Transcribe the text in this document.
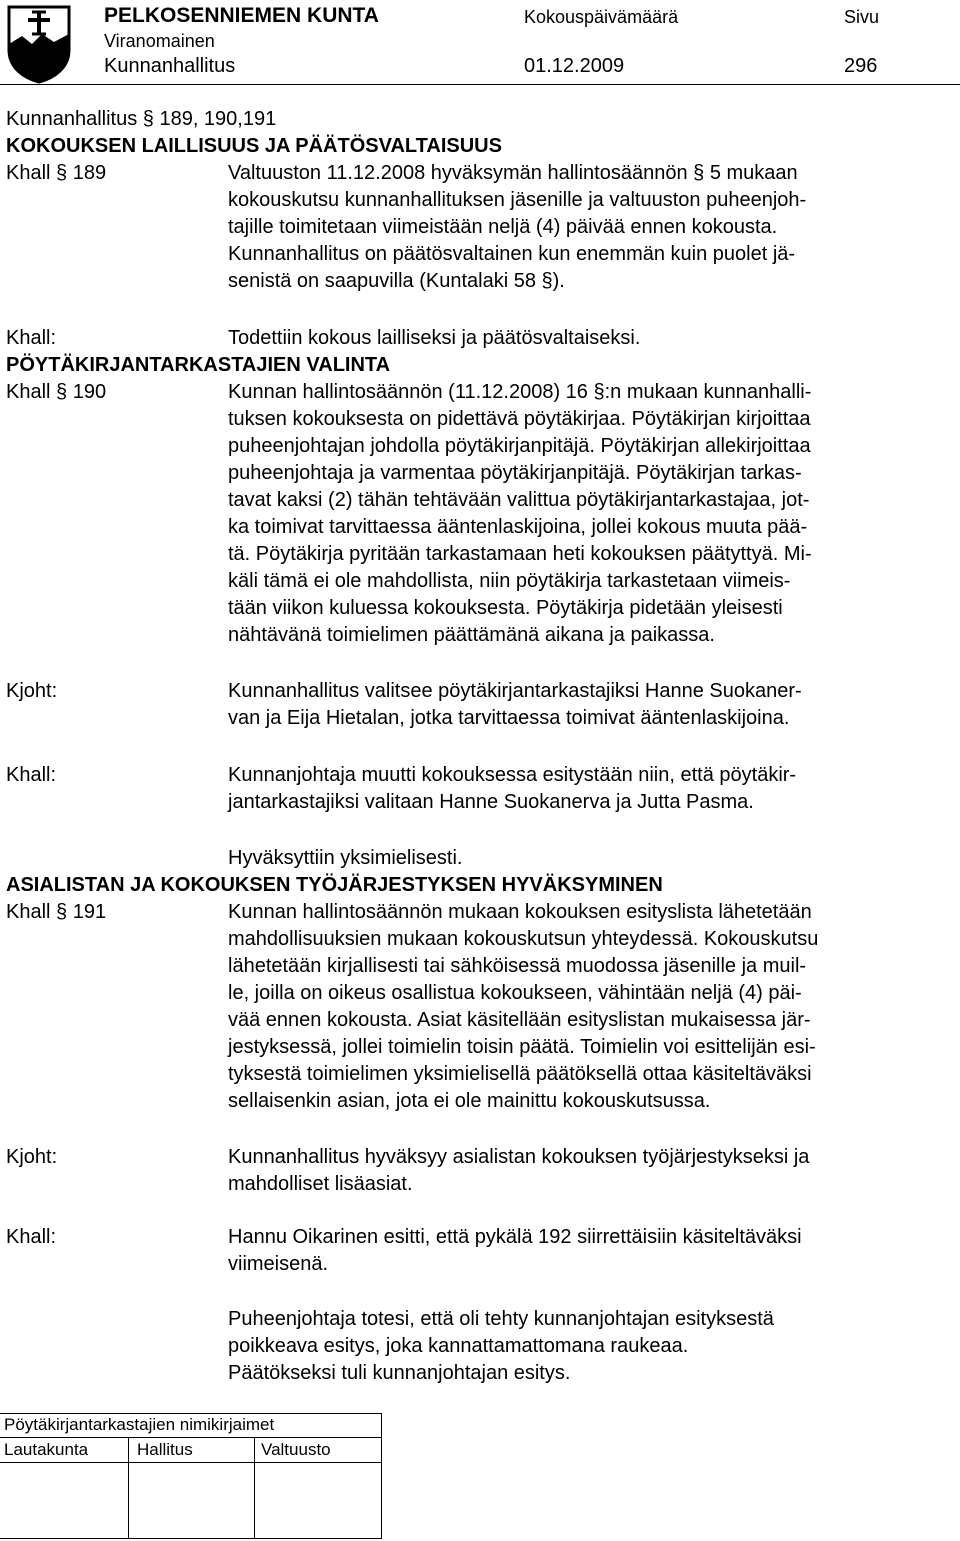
PELKOSENNIEMEN KUNTA
Viranomainen
Kunnanhallitus
Kokouspäivämäärä
01.12.2009
Sivu
296
Kunnanhallitus § 189, 190,191
KOKOUKSEN LAILLISUUS JA PÄÄTÖSVALTAISUUS
Khall § 189	Valtuuston 11.12.2008 hyväksymän hallintosäännön § 5 mukaan
kokouskutsu kunnanhallituksen jäsenille ja valtuuston puheenjoh-
tajille toimitetaan viimeistään neljä (4) päivää ennen kokousta.
Kunnanhallitus on päätösvaltainen kun enemmän kuin puolet jä-
senistä on saapuvilla (Kuntalaki 58 §).
Khall:	Todettiin kokous lailliseksi ja päätösvaltaiseksi.
PÖYTÄKIRJANTARKASTAJIEN VALINTA
Khall § 190	Kunnan hallintosäännön (11.12.2008) 16 §:n mukaan kunnanhalli-
tuksen kokouksesta on pidettävä pöytäkirjaa. Pöytäkirjan kirjoittaa
puheenjohtajan johdolla pöytäkirjanpitäjä. Pöytäkirjan allekirjoittaa
puheenjohtaja ja varmentaa pöytäkirjanpitäjä. Pöytäkirjan tarkas-
tavat kaksi (2) tähän tehtävään valittua pöytäkirjantarkastajaa, jot-
ka toimivat tarvittaessa ääntenlaskijoina, jollei kokous muuta pää-
tä. Pöytäkirja pyritään tarkastamaan heti kokouksen päätyttyä. Mi-
käli tämä ei ole mahdollista, niin pöytäkirja tarkastetaan viimeis-
tään viikon kuluessa kokouksesta. Pöytäkirja pidetään yleisesti
nähtävänä toimielimen päättämänä aikana ja paikassa.
Kjoht:	Kunnanhallitus valitsee pöytäkirjantarkastajiksi Hanne Suokaner-
van ja Eija Hietalan, jotka tarvittaessa toimivat ääntenlaskijoina.
Khall:	Kunnanjohtaja muutti kokouksessa esitystään niin, että pöytäkir-
jantarkastajiksi valitaan Hanne Suokanerva ja Jutta Pasma.
Hyväksyttiin yksimielisesti.
ASIALISTAN JA KOKOUKSEN TYÖJÄRJESTYKSEN HYVÄKSYMINEN
Khall § 191	Kunnan hallintosäännön mukaan kokouksen esityslista lähetetään
mahdollisuuksien mukaan kokouskutsun yhteydessä. Kokouskutsu
lähetetään kirjallisesti tai sähköisessä muodossa jäsenille ja muil-
le, joilla on oikeus osallistua kokoukseen, vähintään neljä (4) päi-
vää ennen kokousta. Asiat käsitellään esityslistan mukaisessa jär-
jestyksessä, jollei toimielin toisin päätä. Toimielin voi esittelijän esi-
tyksestä toimielimen yksimielisellä päätöksellä ottaa käsiteltäväksi
sellaisenkin asian, jota ei ole mainittu kokouskutsussa.
Kjoht:	Kunnanhallitus hyväksyy asialistan kokouksen työjärjestykseksi ja
mahdolliset lisäasiat.
Khall:	Hannu Oikarinen esitti, että pykälä 192 siirrettäisiin käsiteltäväksi
viimeisenä.
Puheenjohtaja totesi, että oli tehty kunnanjohtajan esityksestä
poikkeava esitys, joka kannattamattomana raukeaa.
Päätökseksi tuli kunnanjohtajan esitys.
Pöytäkirjantarkastajien nimikirjaimet
Lautakunta	Hallitus	Valtuusto
